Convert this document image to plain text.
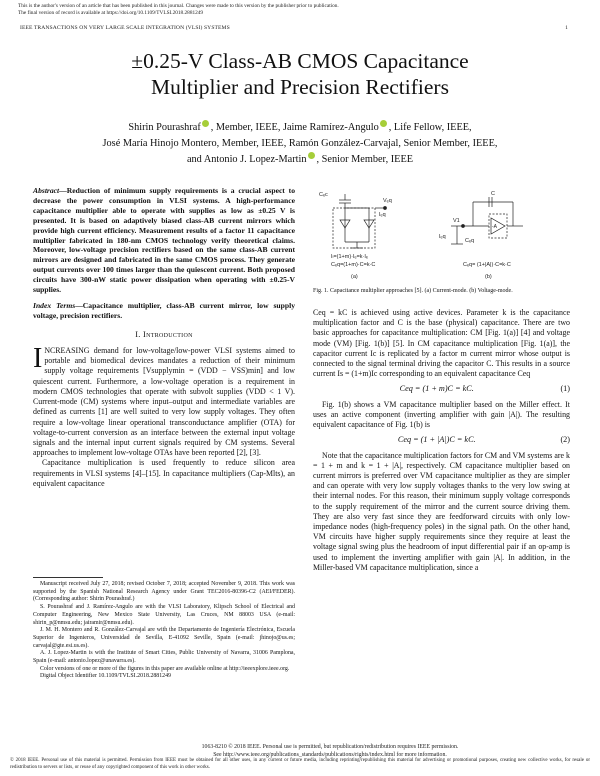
This is the author's version of an article that has been published in this journal. Changes were made to this version by the publisher prior to publication.
The final version of record is available at https://doi.org/10.1109/TVLSI.2018.2881249
IEEE TRANSACTIONS ON VERY LARGE SCALE INTEGRATION (VLSI) SYSTEMS	1
±0.25-V Class-AB CMOS Capacitance
Multiplier and Precision Rectifiers
Shirin Pourashraf , Member, IEEE, Jaime Ramírez-Angulo , Life Fellow, IEEE,
José María Hinojo Montero, Member, IEEE, Ramón González-Carvajal, Senior Member, IEEE,
and Antonio J. Lopez-Martin , Senior Member, IEEE
Abstract—Reduction of minimum supply requirements is a crucial aspect to decrease the power consumption in VLSI systems. A high-performance capacitance multiplier able to operate with supplies as low as ±0.25 V is presented. It is based on adaptively biased class-AB current mirrors which provide high current efficiency. Measurement results of a factor 11 capacitance multiplier fabricated in 180-nm CMOS technology verify theoretical claims. Moreover, low-voltage precision rectifiers based on the same class-AB current mirrors are designed and fabricated in the same CMOS process. They generate output currents over 100 times larger than the quiescent current. Both proposed circuits have 300-nW static power dissipation when operating with ±0.25-V supplies.
Index Terms—Capacitance multiplier, class-AB current mirror, low supply voltage, precision rectifiers.
I. Introduction
INCREASING demand for low-voltage/low-power VLSI systems aimed to portable and biomedical devices mandates a reduction of their minimum supply voltage requirements [Vsupplymin = (VDD − VSS)min] and low quiescent current. Furthermore, a low-voltage operation is a requirement in modern CMOS technologies that operate with subvolt supplies (VDD < 1 V). Current-mode (CM) systems where input–output and intermediate variables are defined as currents [1] are well suited to very low supply voltages. They often require a low-voltage linear operational transconductance amplifier (OTA) for voltage-to-current conversion as an interface between the external input voltage signals and the internal input current signals required by CM systems. Several approaches to implement low-voltage OTAs have been reported [2], [3].
Capacitance multiplication is used frequently to reduce silicon area requirements in VLSI systems [4]–[15]. In capacitance multipliers (Cap-Mlts), an equivalent capacitance

Manuscript received July 27, 2018; revised October 7, 2018; accepted November 9, 2018. This work was supported by the Spanish National Research Agency under Grant TEC2016-80396-C2 (AEI/FEDER). (Corresponding author: Shirin Pourashraf.)

S. Pourashraf and J. Ramírez-Angulo are with the VLSI Laboratory, Klipsch School of Electrical and Computer Engineering, New Mexico State University, Las Cruces, NM 88003 USA (e-mail: shirin_p@nmsu.edu; jairamir@nmsu.edu).

J. M. H. Montero and R. González-Carvajal are with the Departamento de Ingeniería Electrónica, Escuela Superior de Ingenieros, Universidad de Sevilla, E-41092 Seville, Spain (e-mail: jhinojo@us.es; carvajal@gte.esi.us.es).

A. J. Lopez-Martin is with the Institute of Smart Cities, Public University of Navarra, 31006 Pamplona, Spain (e-mail: antonio.lopez@unavarra.es).

Color versions of one or more of the figures in this paper are available online at http://ieeexplore.ieee.org.

Digital Object Identifier 10.1109/TVLSI.2018.2881249

Cₑc
Iₑq
Vₑq
Iₗ=(1+m)·Iₑ=k·Iₑ
Cₑq=(1+m)·C=k·C
(a)
C
V1
-A
Cₑq
Iₑq
Cₑq= (1+|A|)·C=k·C
(b)
Fig. 1. Capacitance multiplier approaches [5]. (a) Current-mode. (b) Voltage-mode.
Ceq = kC is achieved using active devices. Parameter k is the capacitance multiplication factor and C is the base (physical) capacitance. There are two basic approaches for capacitance multiplication: CM [Fig. 1(a)] [4] and voltage mode (VM) [Fig. 1(b)] [5]. In CM capacitance multiplication [Fig. 1(a)], the capacitor current Ic is replicated by a factor m current mirror whose output is connected to the signal terminal driving the capacitor C. This results in a source current Is = (1+m)Ic corresponding to an equivalent capacitance Ceq
Ceq = (1 + m)C = kC.	(1)
Fig. 1(b) shows a VM capacitance multiplier based on the Miller effect. It uses an active component (inverting amplifier with gain |A|). The resulting equivalent capacitance of Fig. 1(b) is
Ceq = (1 + |A|)C = kC.	(2)
Note that the capacitance multiplication factors for CM and VM systems are k = 1 + m and k = 1 + |A|, respectively. CM capacitance multiplier based on current mirrors is preferred over VM capacitance multiplier as they are simpler and can operate with very low supply voltages thanks to the very low swing at their internal nodes. For this reason, their minimum supply voltage corresponds to the supply requirement of the mirror and the current source driving them. They are also very fast since they are feedforward circuits with only low-impedance nodes (high-frequency poles) in the signal path. On the other hand, VM circuits have higher supply requirements since they require at least the voltage signal swing plus the headroom of input differential pair if an op-amp is used to implement the inverting amplifier with gain |A|. In addition, in the Miller-based VM capacitance multiplication, since a
1063-8210 © 2018 IEEE. Personal use is permitted, but republication/redistribution requires IEEE permission.
See http://www.ieee.org/publications_standards/publications/rights/index.html for more information.
© 2018 IEEE. Personal use of this material is permitted. Permission from IEEE must be obtained for all other uses, in any current or future media, including reprinting/republishing this material for advertising or promotional purposes, creating new collective works, for resale or redistribution to servers or lists, or reuse of any copyrighted component of this work in other works.
